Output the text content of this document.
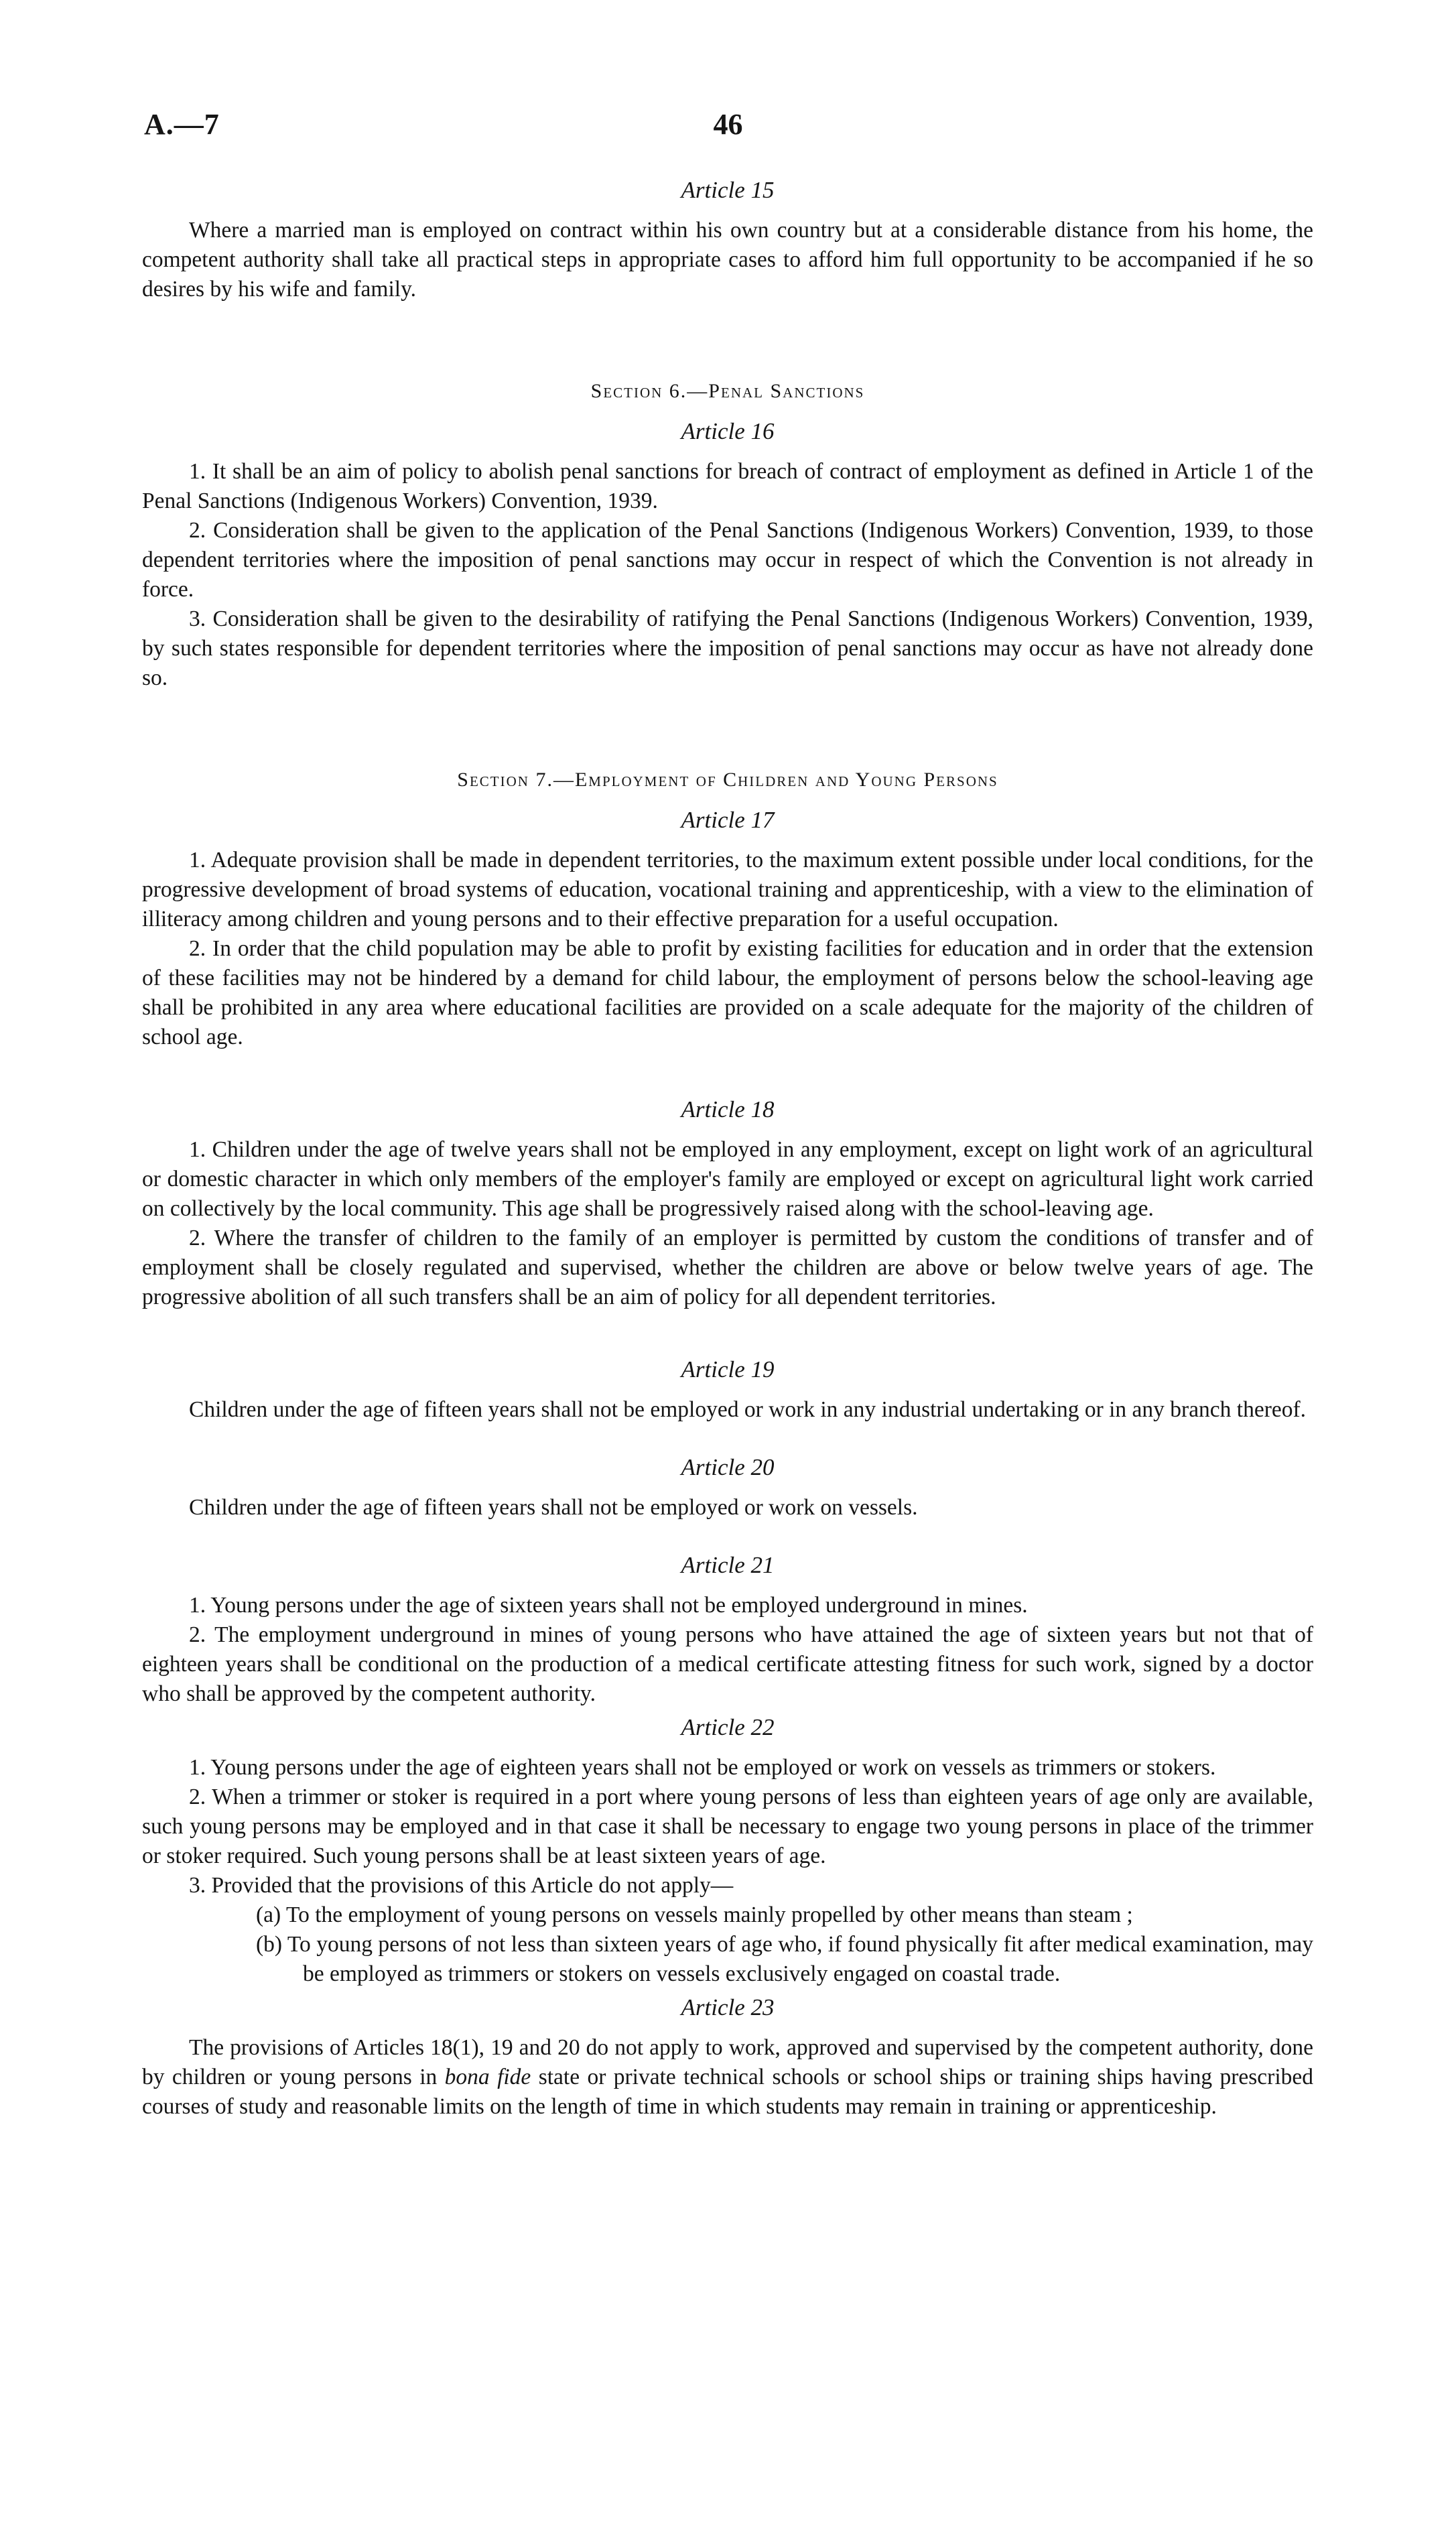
A.—7	46
Article 15

Where a married man is employed on contract within his own country but at a considerable distance from his home, the competent authority shall take all practical steps in appropriate cases to afford him full opportunity to be accompanied if he so desires by his wife and family.

Section 6.—Penal Sanctions
Article 16

1. It shall be an aim of policy to abolish penal sanctions for breach of contract of employment as defined in Article 1 of the Penal Sanctions (Indigenous Workers) Convention, 1939.

2. Consideration shall be given to the application of the Penal Sanctions (Indigenous Workers) Convention, 1939, to those dependent territories where the imposition of penal sanctions may occur in respect of which the Convention is not already in force.

3. Consideration shall be given to the desirability of ratifying the Penal Sanctions (Indigenous Workers) Convention, 1939, by such states responsible for dependent territories where the imposition of penal sanctions may occur as have not already done so.

Section 7.—Employment of Children and Young Persons
Article 17

1. Adequate provision shall be made in dependent territories, to the maximum extent possible under local conditions, for the progressive development of broad systems of education, vocational training and apprenticeship, with a view to the elimination of illiteracy among children and young persons and to their effective preparation for a useful occupation.

2. In order that the child population may be able to profit by existing facilities for education and in order that the extension of these facilities may not be hindered by a demand for child labour, the employment of persons below the school-leaving age shall be prohibited in any area where educational facilities are provided on a scale adequate for the majority of the children of school age.

Article 18

1. Children under the age of twelve years shall not be employed in any employment, except on light work of an agricultural or domestic character in which only members of the employer's family are employed or except on agricultural light work carried on collectively by the local community. This age shall be progressively raised along with the school-leaving age.

2. Where the transfer of children to the family of an employer is permitted by custom the conditions of transfer and of employment shall be closely regulated and supervised, whether the children are above or below twelve years of age. The progressive abolition of all such transfers shall be an aim of policy for all dependent territories.

Article 19

Children under the age of fifteen years shall not be employed or work in any industrial undertaking or in any branch thereof.

Article 20

Children under the age of fifteen years shall not be employed or work on vessels.

Article 21

1. Young persons under the age of sixteen years shall not be employed underground in mines.

2. The employment underground in mines of young persons who have attained the age of sixteen years but not that of eighteen years shall be conditional on the production of a medical certificate attesting fitness for such work, signed by a doctor who shall be approved by the competent authority.

Article 22

1. Young persons under the age of eighteen years shall not be employed or work on vessels as trimmers or stokers.

2. When a trimmer or stoker is required in a port where young persons of less than eighteen years of age only are available, such young persons may be employed and in that case it shall be necessary to engage two young persons in place of the trimmer or stoker required. Such young persons shall be at least sixteen years of age.

3. Provided that the provisions of this Article do not apply—

(a) To the employment of young persons on vessels mainly propelled by other means than steam ;

(b) To young persons of not less than sixteen years of age who, if found physically fit after medical examination, may be employed as trimmers or stokers on vessels exclusively engaged on coastal trade.

Article 23

The provisions of Articles 18(1), 19 and 20 do not apply to work, approved and supervised by the competent authority, done by children or young persons in bona fide state or private technical schools or school ships or training ships having prescribed courses of study and reasonable limits on the length of time in which students may remain in training or apprenticeship.
